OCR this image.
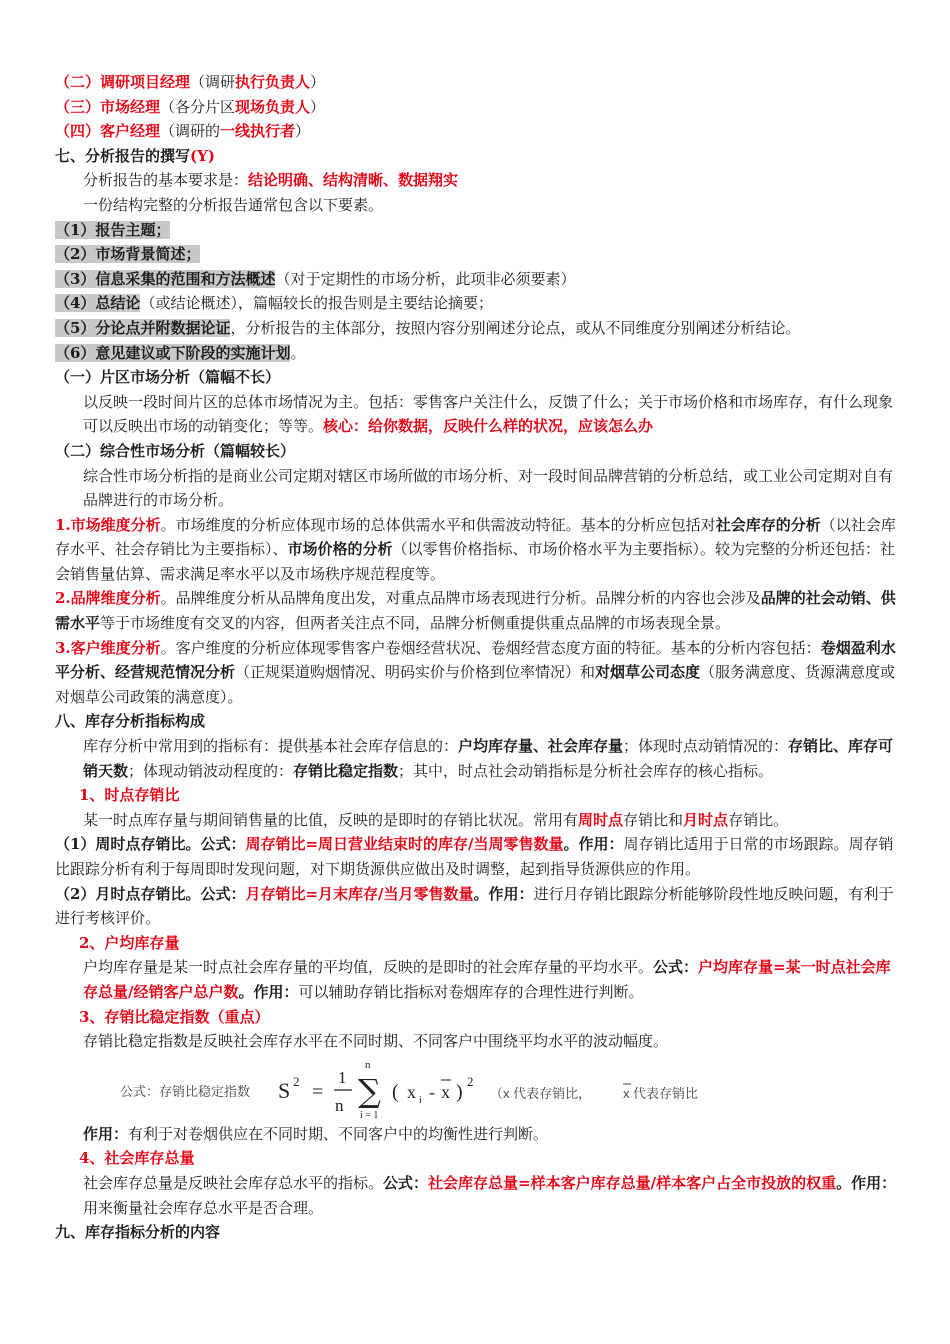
（二）调研项目经理（调研执行负责人）
（三）市场经理（各分片区现场负责人）
（四）客户经理（调研的一线执行者）
七、分析报告的撰写(Y)
分析报告的基本要求是：结论明确、结构清晰、数据翔实
一份结构完整的分析报告通常包含以下要素。
（1）报告主题；
（2）市场背景简述；
（3）信息采集的范围和方法概述（对于定期性的市场分析，此项非必须要素）
（4）总结论（或结论概述），篇幅较长的报告则是主要结论摘要；
（5）分论点并附数据论证，分析报告的主体部分，按照内容分别阐述分论点，或从不同维度分别阐述分析结论。
（6）意见建议或下阶段的实施计划。
（一）片区市场分析（篇幅不长）
以反映一段时间片区的总体市场情况为主。包括：零售客户关注什么，反馈了什么；关于市场价格和市场库存，有什么现象可以反映出市场的动销变化；等等。核心：给你数据，反映什么样的状况，应该怎么办
（二）综合性市场分析（篇幅较长）
综合性市场分析指的是商业公司定期对辖区市场所做的市场分析、对一段时间品牌营销的分析总结，或工业公司定期对自有品牌进行的市场分析。
1.市场维度分析。市场维度的分析应体现市场的总体供需水平和供需波动特征。基本的分析应包括对社会库存的分析（以社会库存水平、社会存销比为主要指标）、市场价格的分析（以零售价格指标、市场价格水平为主要指标）。较为完整的分析还包括：社会销售量估算、需求满足率水平以及市场秩序规范程度等。
2.品牌维度分析。品牌维度分析从品牌角度出发，对重点品牌市场表现进行分析。品牌分析的内容也会涉及品牌的社会动销、供需水平等于市场维度有交叉的内容，但两者关注点不同，品牌分析侧重提供重点品牌的市场表现全景。
3.客户维度分析。客户维度的分析应体现零售客户卷烟经营状况、卷烟经营态度方面的特征。基本的分析内容包括：卷烟盈利水平分析、经营规范情况分析（正规渠道购烟情况、明码实价与价格到位率情况）和对烟草公司态度（服务满意度、货源满意度或对烟草公司政策的满意度）。
八、库存分析指标构成
库存分析中常用到的指标有：提供基本社会库存信息的：户均库存量、社会库存量；体现时点动销情况的：存销比、库存可销天数；体现动销波动程度的：存销比稳定指数；其中，时点社会动销指标是分析社会库存的核心指标。
1、时点存销比
某一时点库存量与期间销售量的比值，反映的是即时的存销比状况。常用有周时点存销比和月时点存销比。
（1）周时点存销比。公式：周存销比=周日营业结束时的库存/当周零售数量。作用：周存销比适用于日常的市场跟踪。周存销比跟踪分析有利于每周即时发现问题，对下期货源供应做出及时调整，起到指导货源供应的作用。
（2）月时点存销比。公式：月存销比=月末库存/当月零售数量。作用：进行月存销比跟踪分析能够阶段性地反映问题，有利于进行考核评价。
2、户均库存量
户均库存量是某一时点社会库存量的平均值，反映的是即时的社会库存量的平均水平。公式：户均库存量=某一时点社会库存总量/经销客户总户数。作用：可以辅助存销比指标对卷烟库存的合理性进行判断。
3、存销比稳定指数（重点）
存销比稳定指数是反映社会库存水平在不同时期、不同客户中围绕平均水平的波动幅度。
公式：存销比稳定指数 S 2 =
1
n
n
∑
i = 1
( x i - x ) 2
（x 代表存销比， x 代表存销比
作用：有利于对卷烟供应在不同时期、不同客户中的均衡性进行判断。
4、社会库存总量
社会库存总量是反映社会库存总水平的指标。公式：社会库存总量=样本客户库存总量/样本客户占全市投放的权重。作用：用来衡量社会库存总水平是否合理。
九、库存指标分析的内容
